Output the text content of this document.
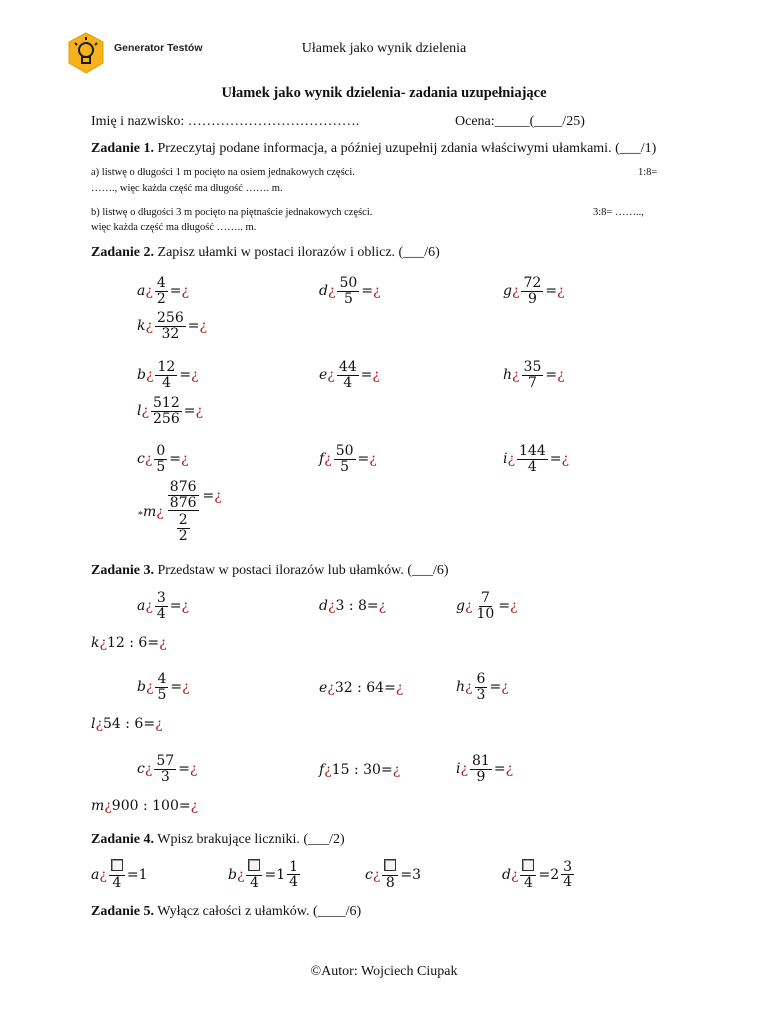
Generator Testów	Ułamek jako wynik dzielenia
Ułamek jako wynik dzielenia- zadania uzupełniające
Imię i nazwisko: ……………………………….	Ocena:_____(____/25)
Zadanie 1. Przeczytaj podane informacja, a później uzupełnij zdania właściwymi ułamkami. (___/1)
a) listwę o długości 1 m pocięto na osiem jednakowych części.	1:8=
……., więc każda część ma długość ……. m.
b) listwę o długości 3 m pocięto na piętnaście jednakowych części.	3:8= ……..,
więc każda część ma długość …….. m.
Zadanie 2. Zapisz ułamki w postaci ilorazów i oblicz. (___/6)
a ¿ $\frac{4}{2}$ = ¿	d ¿ $\frac{50}{5}$ = ¿	g ¿ $\frac{72}{9}$ = ¿
k ¿ $\frac{256}{32}$ = ¿
b ¿ $\frac{12}{4}$ = ¿	e ¿ $\frac{44}{4}$ = ¿	h ¿ $\frac{35}{7}$ = ¿
l ¿ $\frac{512}{256}$ = ¿
c ¿ $\frac{0}{5}$ = ¿	f ¿ $\frac{50}{5}$ = ¿	i ¿ $\frac{144}{4}$ = ¿
* m ¿ 876
876
$\frac{2}{2}$ = ¿
Zadanie 3. Przedstaw w postaci ilorazów lub ułamków. (___/6)
a ¿ $\frac{3}{4}$ = ¿	d ¿ 3 : 8 = ¿	g ¿ $\frac{7}{10}$ = ¿
k ¿ 12 : 6 = ¿
b ¿ $\frac{4}{5}$ = ¿	e ¿ 32 : 64 = ¿	h ¿ $\frac{6}{3}$ = ¿
l ¿ 54 : 6 = ¿
c ¿ $\frac{57}{3}$ = ¿	f ¿ 15 : 30 = ¿	i ¿ $\frac{81}{9}$ = ¿
m ¿ 900 : 100 = ¿
Zadanie 4. Wpisz brakujące liczniki. (___/2)
a ¿ 4 =1	b ¿ $4 =1 \frac{1}{4}$	c ¿ 8 =3	d ¿ $4 =2 \frac{3}{4}$
Zadanie 5. Wyłącz całości z ułamków. (____/6)
©Autor: Wojciech Ciupak
